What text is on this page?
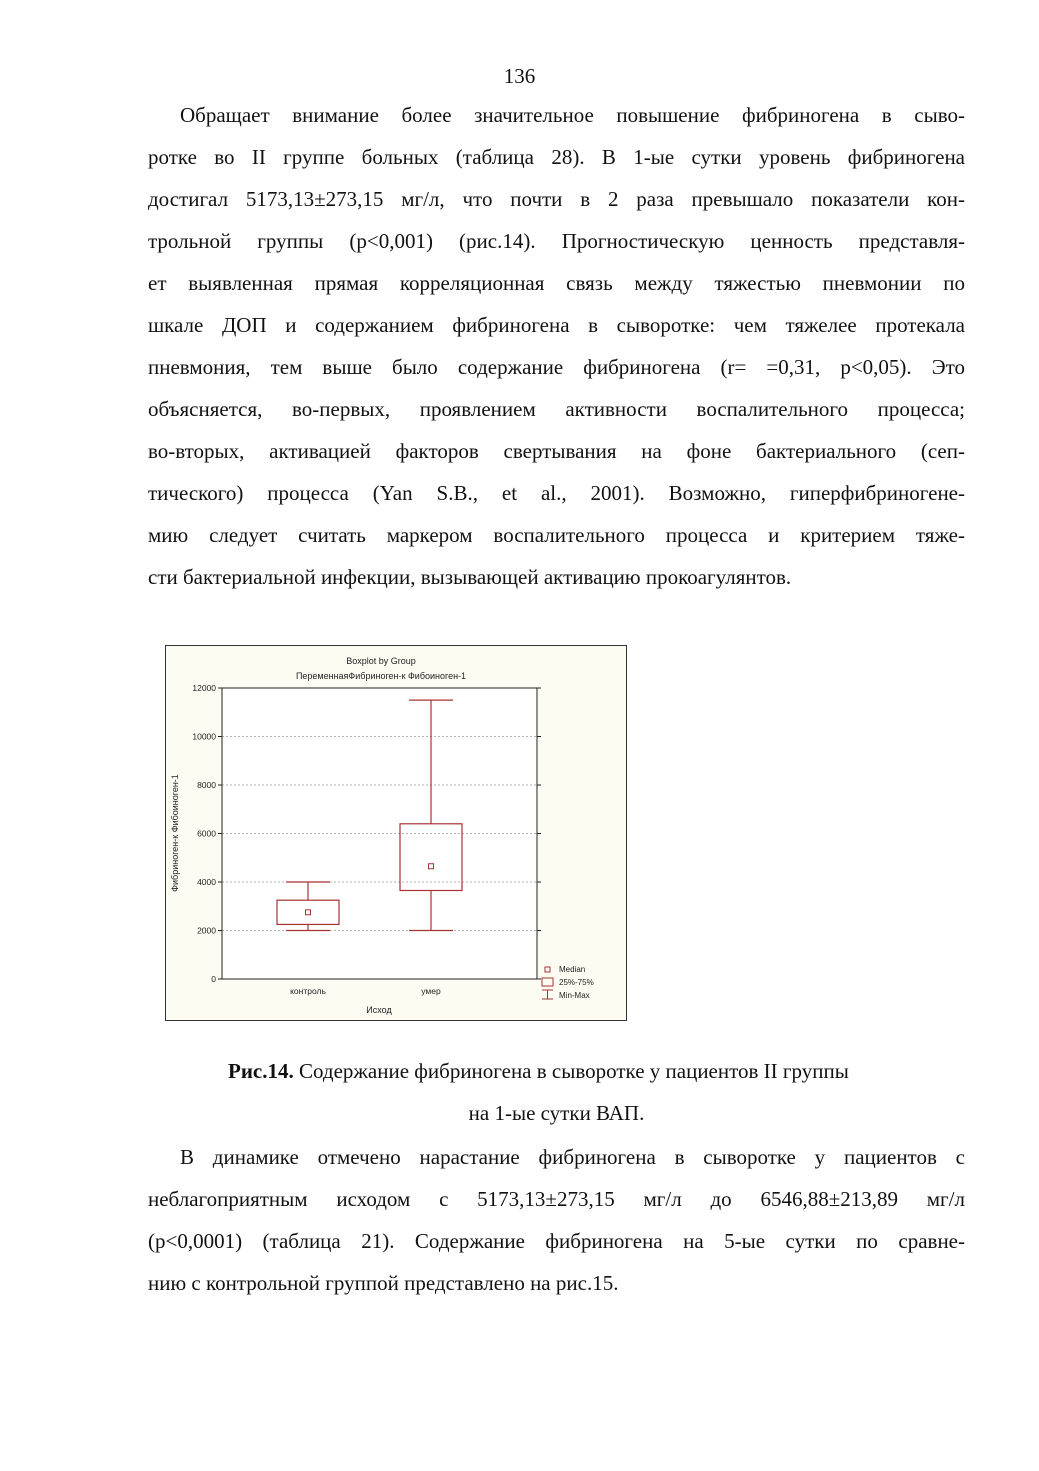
136

Обращает внимание более значительное повышение фибриногена в сыво-
ротке во II группе больных (таблица 28). В 1-ые сутки уровень фибриногена
достигал 5173,13±273,15 мг/л, что почти в 2 раза превышало показатели кон-
трольной группы (р<0,001) (рис.14). Прогностическую ценность представля-
ет выявленная прямая корреляционная связь между тяжестью пневмонии по
шкале ДОП и содержанием фибриногена в сыворотке: чем тяжелее протекала
пневмония, тем выше было содержание фибриногена (r= =0,31, р<0,05). Это
объясняется, во-первых, проявлением активности воспалительного процесса;
во-вторых, активацией факторов свертывания на фоне бактериального (сеп-
тического) процесса (Yan S.B., et al., 2001). Возможно, гиперфибриногене-
мию следует считать маркером воспалительного процесса и критерием тяже-
сти бактериальной инфекции, вызывающей активацию прокоагулянтов.

Boxplot by Group
ПеременнаяФибриноген-к Фибоиноген-1
0
2000
4000
6000
8000
10000
12000
контроль	умер
Исход
Фибриноген-к Фибоиноген-1
Median
25%-75%
Min-Max
Рис.14. Содержание фибриногена в сыворотке у пациентов II группы
на 1-ые сутки ВАП.

В динамике отмечено нарастание фибриногена в сыворотке у пациентов с
неблагоприятным исходом с 5173,13±273,15 мг/л до 6546,88±213,89 мг/л
(р<0,0001) (таблица 21). Содержание фибриногена на 5-ые сутки по сравне-
нию с контрольной группой представлено на рис.15.
